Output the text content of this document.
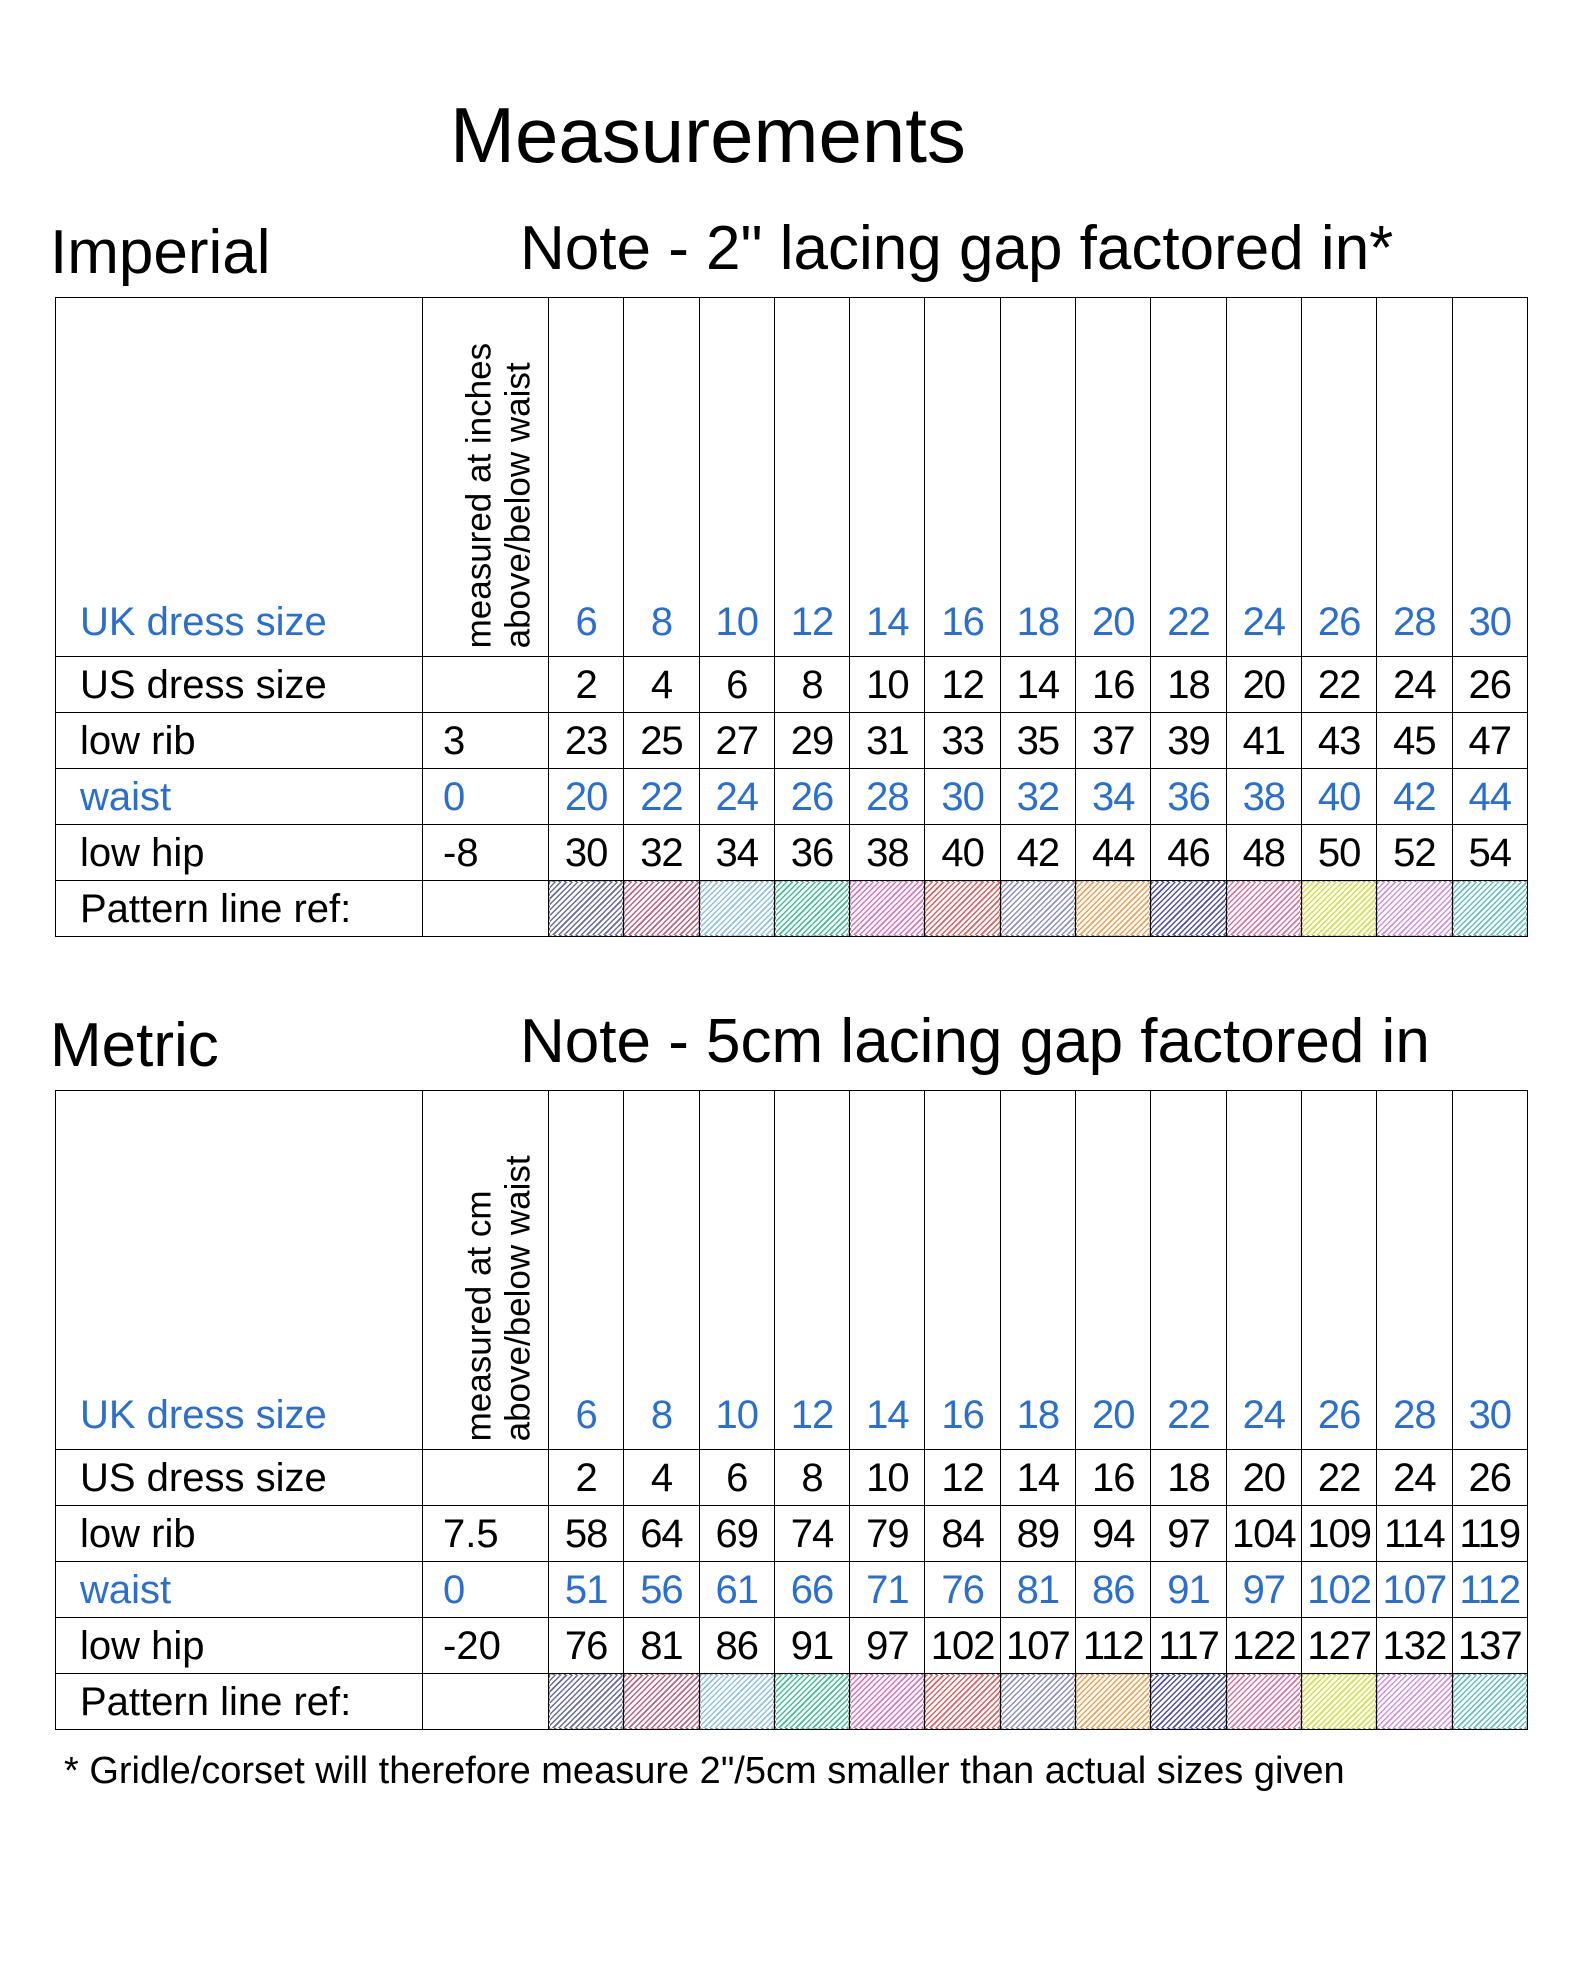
Measurements
Imperial	Note - 2" lacing gap factored in*
UK dress size	measured at inches above/below waist	6	8	10	12	14	16	18	20	22	24	26	28	30
US dress size		2	4	6	8	10	12	14	16	18	20	22	24	26
low rib	3	23	25	27	29	31	33	35	37	39	41	43	45	47
waist	0	20	22	24	26	28	30	32	34	36	38	40	42	44
low hip	-8	30	32	34	36	38	40	42	44	46	48	50	52	54
Pattern line ref:		

Metric	Note - 5cm lacing gap factored in
UK dress size	measured at cm above/below waist	6	8	10	12	14	16	18	20	22	24	26	28	30
US dress size		2	4	6	8	10	12	14	16	18	20	22	24	26
low rib	7.5	58	64	69	74	79	84	89	94	97	104	109	114	119
waist	0	51	56	61	66	71	76	81	86	91	97	102	107	112
low hip	-20	76	81	86	91	97	102	107	112	117	122	127	132	137
Pattern line ref:		

* Gridle/corset will therefore measure 2"/5cm smaller than actual sizes given
